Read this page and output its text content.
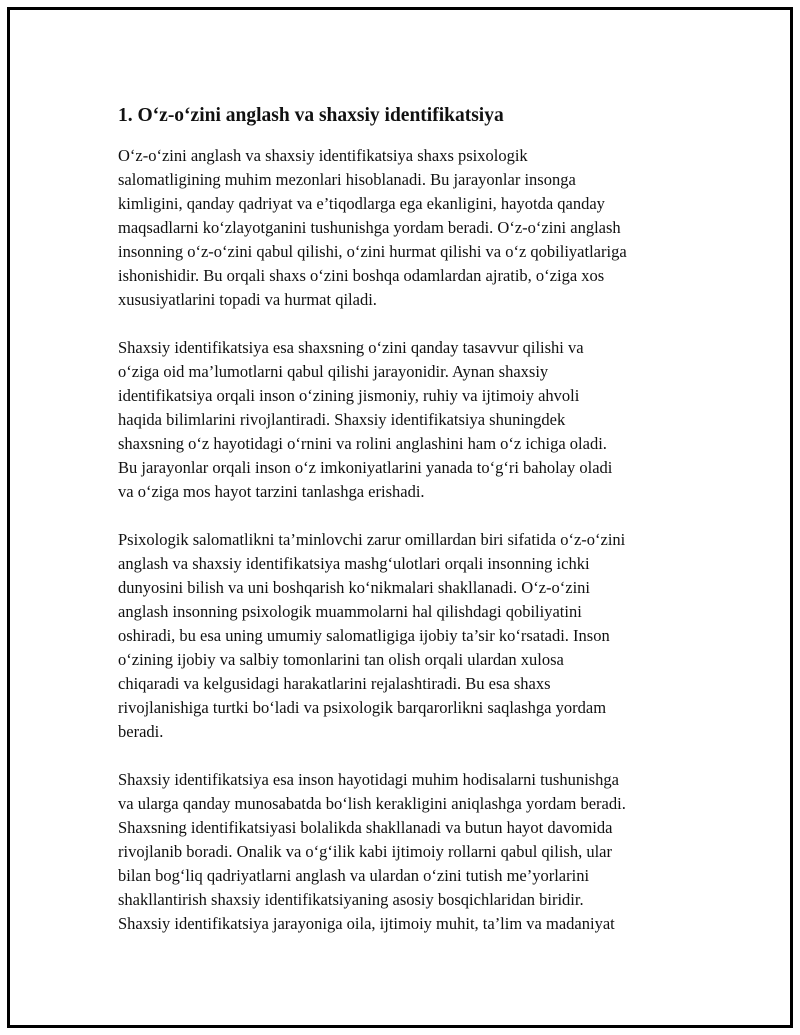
1. O‘z-o‘zini anglash va shaxsiy identifikatsiya

O‘z-o‘zini anglash va shaxsiy identifikatsiya shaxs psixologik
salomatligining muhim mezonlari hisoblanadi. Bu jarayonlar insonga
kimligini, qanday qadriyat va e’tiqodlarga ega ekanligini, hayotda qanday
maqsadlarni ko‘zlayotganini tushunishga yordam beradi. O‘z-o‘zini anglash
insonning o‘z-o‘zini qabul qilishi, o‘zini hurmat qilishi va o‘z qobiliyatlariga
ishonishidir. Bu orqali shaxs o‘zini boshqa odamlardan ajratib, o‘ziga xos
xususiyatlarini topadi va hurmat qiladi.

Shaxsiy identifikatsiya esa shaxsning o‘zini qanday tasavvur qilishi va
o‘ziga oid ma’lumotlarni qabul qilishi jarayonidir. Aynan shaxsiy
identifikatsiya orqali inson o‘zining jismoniy, ruhiy va ijtimoiy ahvoli
haqida bilimlarini rivojlantiradi. Shaxsiy identifikatsiya shuningdek
shaxsning o‘z hayotidagi o‘rnini va rolini anglashini ham o‘z ichiga oladi.
Bu jarayonlar orqali inson o‘z imkoniyatlarini yanada to‘g‘ri baholay oladi
va o‘ziga mos hayot tarzini tanlashga erishadi.

Psixologik salomatlikni ta’minlovchi zarur omillardan biri sifatida o‘z-o‘zini
anglash va shaxsiy identifikatsiya mashg‘ulotlari orqali insonning ichki
dunyosini bilish va uni boshqarish ko‘nikmalari shakllanadi. O‘z-o‘zini
anglash insonning psixologik muammolarni hal qilishdagi qobiliyatini
oshiradi, bu esa uning umumiy salomatligiga ijobiy ta’sir ko‘rsatadi. Inson
o‘zining ijobiy va salbiy tomonlarini tan olish orqali ulardan xulosa
chiqaradi va kelgusidagi harakatlarini rejalashtiradi. Bu esa shaxs
rivojlanishiga turtki bo‘ladi va psixologik barqarorlikni saqlashga yordam
beradi.

Shaxsiy identifikatsiya esa inson hayotidagi muhim hodisalarni tushunishga
va ularga qanday munosabatda bo‘lish kerakligini aniqlashga yordam beradi.
Shaxsning identifikatsiyasi bolalikda shakllanadi va butun hayot davomida
rivojlanib boradi. Onalik va o‘g‘ilik kabi ijtimoiy rollarni qabul qilish, ular
bilan bog‘liq qadriyatlarni anglash va ulardan o‘zini tutish me’yorlarini
shakllantirish shaxsiy identifikatsiyaning asosiy bosqichlaridan biridir.
Shaxsiy identifikatsiya jarayoniga oila, ijtimoiy muhit, ta’lim va madaniyat
